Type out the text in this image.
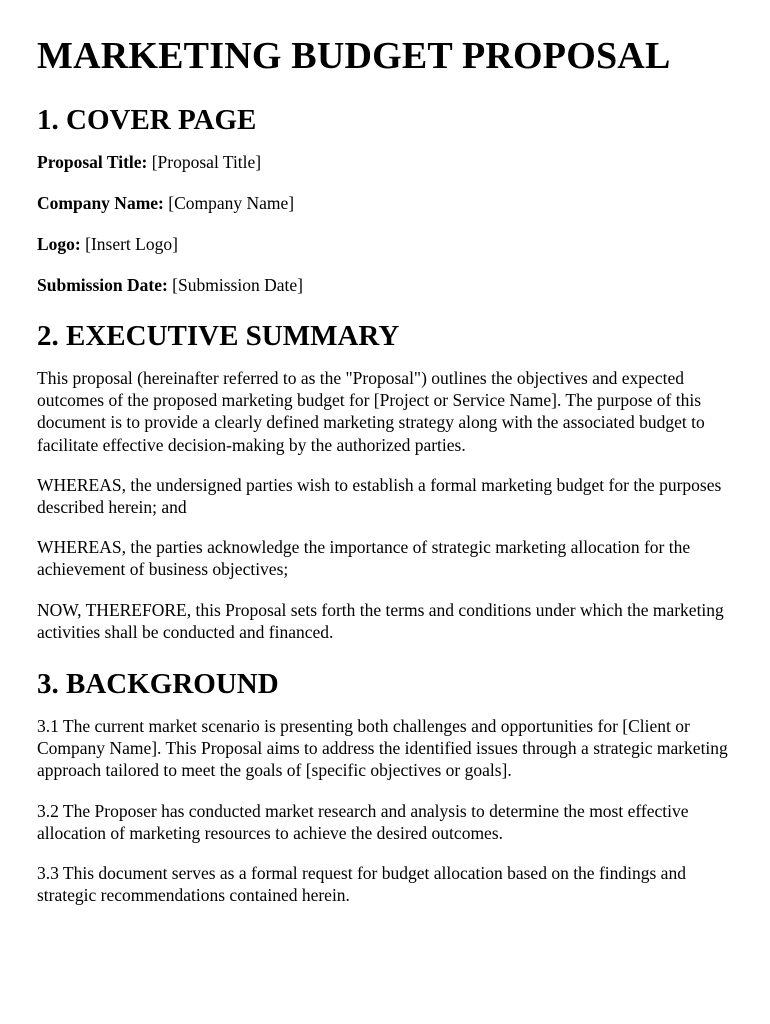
MARKETING BUDGET PROPOSAL
1. COVER PAGE

Proposal Title: [Proposal Title]

Company Name: [Company Name]

Logo: [Insert Logo]

Submission Date: [Submission Date]

2. EXECUTIVE SUMMARY

This proposal (hereinafter referred to as the "Proposal") outlines the objectives and expected outcomes of the proposed marketing budget for [Project or Service Name]. The purpose of this document is to provide a clearly defined marketing strategy along with the associated budget to facilitate effective decision-making by the authorized parties.

WHEREAS, the undersigned parties wish to establish a formal marketing budget for the purposes described herein; and

WHEREAS, the parties acknowledge the importance of strategic marketing allocation for the achievement of business objectives;

NOW, THEREFORE, this Proposal sets forth the terms and conditions under which the marketing activities shall be conducted and financed.

3. BACKGROUND

3.1 The current market scenario is presenting both challenges and opportunities for [Client or Company Name]. This Proposal aims to address the identified issues through a strategic marketing approach tailored to meet the goals of [specific objectives or goals].

3.2 The Proposer has conducted market research and analysis to determine the most effective allocation of marketing resources to achieve the desired outcomes.

3.3 This document serves as a formal request for budget allocation based on the findings and strategic recommendations contained herein.
